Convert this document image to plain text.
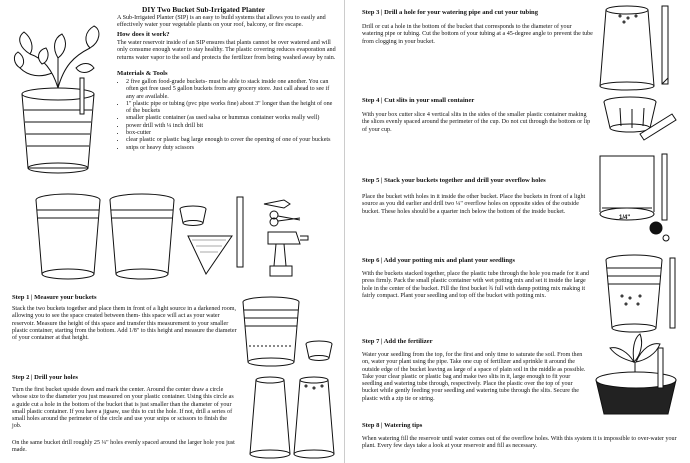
DIY Two Bucket Sub-Irrigated Planter

A Sub-Irrigated Planter (SIP) is an easy to build systems that allows you to easily and effectively water your vegetable plants on your roof, balcony, or fire escape.

How does it work?

The water reservoir inside of an SIP ensures that plants cannot be over watered and will only consume enough water to stay healthy. The plastic covering reduces evaporation and returns water vapor to the soil and protects the fertilizer from being washed away by rain.

Materials & Tools

• 2 five gallon food-grade buckets- must be able to stack inside one another. You can often get free used 5 gallon buckets from any grocery store. Just call ahead to see if any are available.
• 1" plastic pipe or tubing (pvc pipe works fine) about 3" longer than the height of one of the buckets
• smaller plastic container (as used salsa or hummus container works really well)
• power drill with ¼ inch drill bit
• box-cutter
• clear plastic or plastic bag large enough to cover the opening of one of your buckets
• snips or heavy duty scissors

Step 1 | Measure your buckets

Stack the two buckets together and place them in front of a light source in a darkened room, allowing you to see the space created between them- this space will act as your water reservoir. Measure the height of this space and transfer this measurement to your smaller plastic container, starting from the bottom. Add 1/8" to this height and measure the diameter of your container at that height.

Step 2 | Drill your holes

Turn the first bucket upside down and mark the center. Around the center draw a circle whose size to the diameter you just measured on your plastic container. Using this circle as a guide cut a hole in the bottom of the bucket that is just smaller than the diameter of your small plastic container. If you have a jigsaw, use this to cut the hole. If not, drill a series of small holes around the perimeter of the circle and use your snips or scissors to finish the job.

On the same bucket drill roughly 25 ¼" holes evenly spaced around the larger hole you just made.

Step 3 | Drill a hole for your watering pipe and cut your tubing

Drill or cut a hole in the bottom of the bucket that corresponds to the diameter of your watering pipe or tubing. Cut the bottom of your tubing at a 45-degree angle to prevent the tube from clogging in your bucket.

Step 4 | Cut slits in your small container

With your box cutter slice 4 vertical slits in the sides of the smaller plastic container making the slices evenly spaced around the perimeter of the cup. Do not cut through the bottom or lip of your cup.

Step 5 | Stack your buckets together and drill your overflow holes

Place the bucket with holes in it inside the other bucket. Place the buckets in front of a light source as you did earlier and drill two ¼" overflow holes on opposite sides of the outside bucket. These holes should be a quarter inch below the bottom of the inside bucket.

1/4"

Step 6 | Add your potting mix and plant your seedlings

With the buckets stacked together, place the plastic tube through the hole you made for it and press firmly. Pack the small plastic container with wet potting mix and set it inside the large hole in the center of the bucket. Fill the first bucket ¾ full with damp potting mix making it fairly compact. Plant your seedling and top off the bucket with potting mix.

Step 7 | Add the fertilizer

Water your seedling from the top, for the first and only time to saturate the soil. From then on, water your plant using the pipe. Take one cup of fertilizer and sprinkle it around the outside edge of the bucket leaving as large of a space of plain soil in the middle as possible. Take your clear plastic or plastic bag and make two slits in it, large enough to fit your seedling and watering tube through, respectively. Place the plastic over the top of your bucket while gently feeding your seedling and watering tube through the slits. Secure the plastic with a zip tie or string.

Step 8 | Watering tips

When watering fill the reservoir until water comes out of the overflow holes. With this system it is impossible to over-water your plant. Every few days take a look at your reservoir and fill as necessary.
